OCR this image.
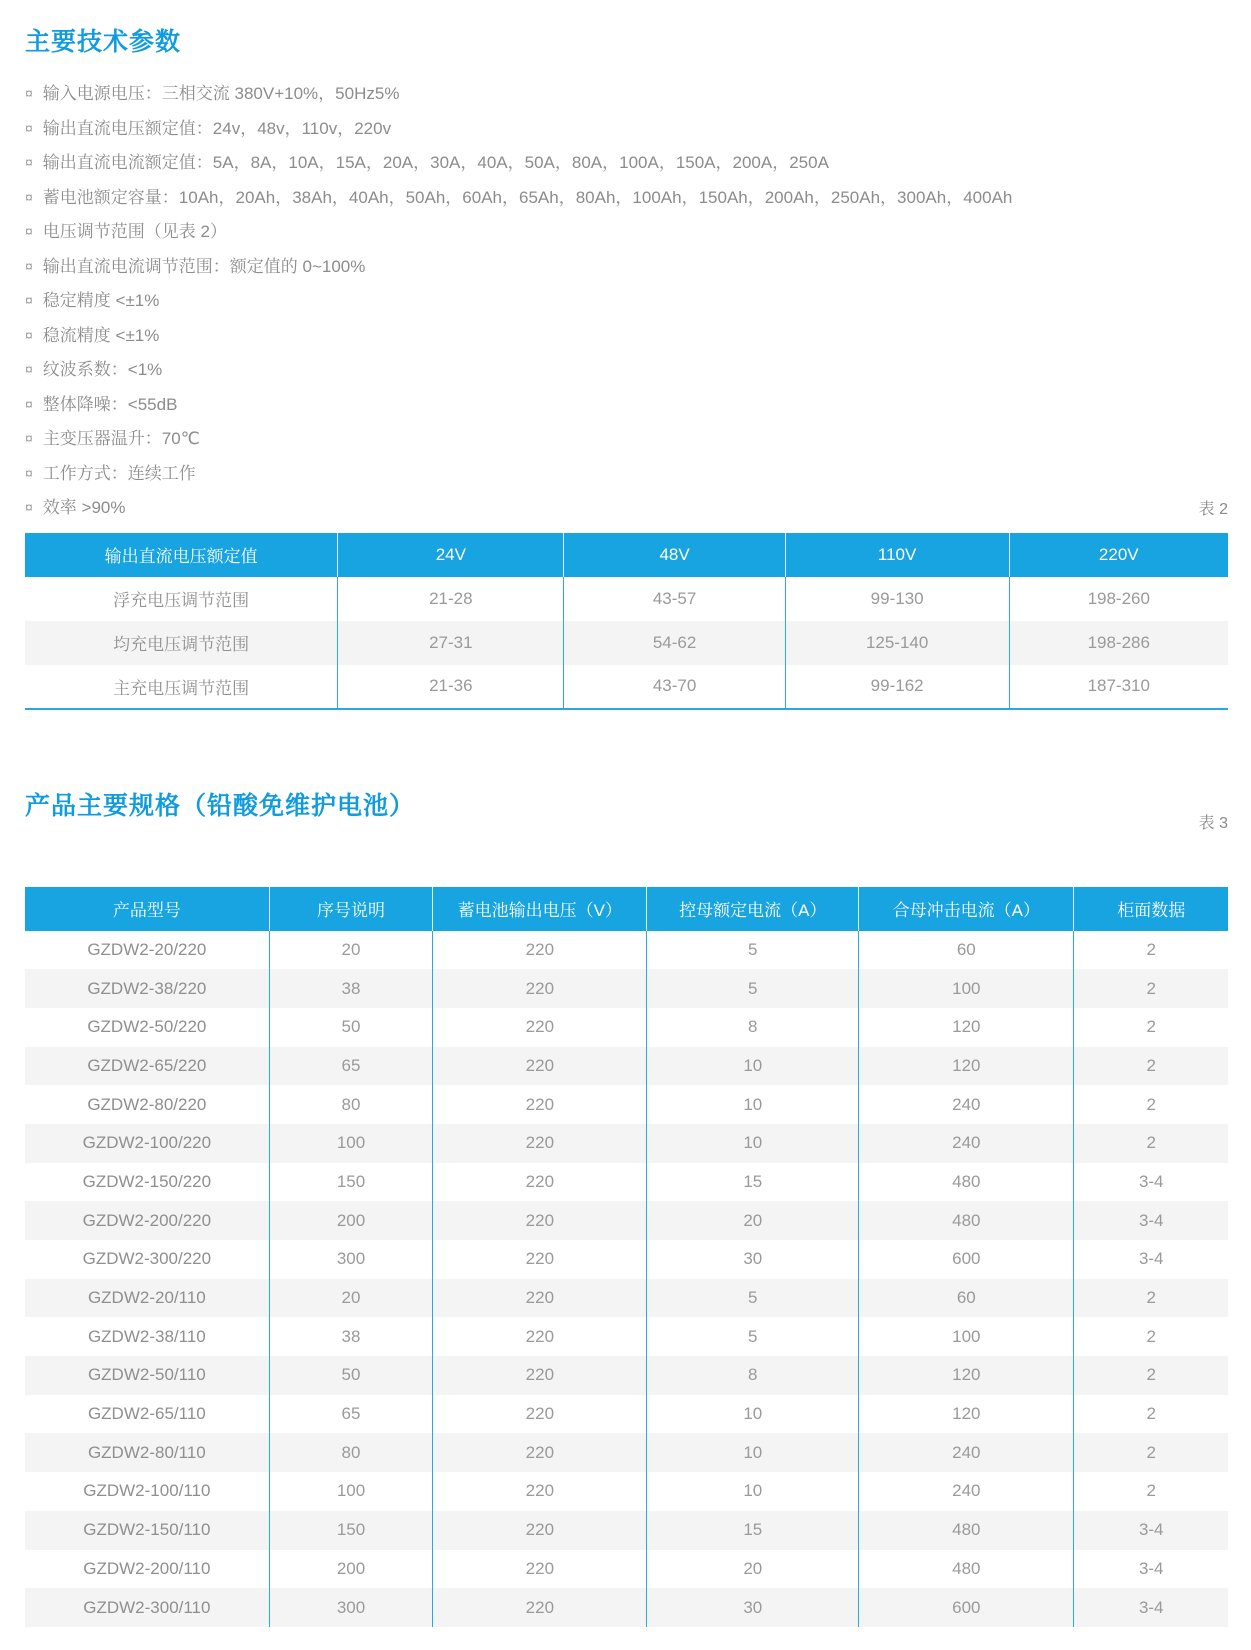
主要技术参数
¤ 输入电源电压：三相交流 380V+10%，50Hz5%
¤ 输出直流电压额定值：24v，48v，110v，220v
¤ 输出直流电流额定值：5A，8A，10A，15A，20A，30A，40A，50A，80A，100A，150A，200A，250A
¤ 蓄电池额定容量：10Ah，20Ah，38Ah，40Ah，50Ah，60Ah，65Ah，80Ah，100Ah，150Ah，200Ah，250Ah，300Ah，400Ah
¤ 电压调节范围（见表 2）
¤ 输出直流电流调节范围：额定值的 0~100%
¤ 稳定精度 <±1%
¤ 稳流精度 <±1%
¤ 纹波系数：<1%
¤ 整体降噪：<55dB
¤ 主变压器温升：70℃
¤ 工作方式：连续工作
¤ 效率 >90%	表 2
输出直流电压额定值	24V	48V	110V	220V
浮充电压调节范围	21-28	43-57	99-130	198-260
均充电压调节范围	27-31	54-62	125-140	198-286
主充电压调节范围	21-36	43-70	99-162	187-310
产品主要规格（铅酸免维护电池）
表 3
产品型号	序号说明	蓄电池输出电压（V）	控母额定电流（A）	合母冲击电流（A）	柜面数据
GZDW2-20/220	20	220	5	60	2
GZDW2-38/220	38	220	5	100	2
GZDW2-50/220	50	220	8	120	2
GZDW2-65/220	65	220	10	120	2
GZDW2-80/220	80	220	10	240	2
GZDW2-100/220	100	220	10	240	2
GZDW2-150/220	150	220	15	480	3-4
GZDW2-200/220	200	220	20	480	3-4
GZDW2-300/220	300	220	30	600	3-4
GZDW2-20/110	20	220	5	60	2
GZDW2-38/110	38	220	5	100	2
GZDW2-50/110	50	220	8	120	2
GZDW2-65/110	65	220	10	120	2
GZDW2-80/110	80	220	10	240	2
GZDW2-100/110	100	220	10	240	2
GZDW2-150/110	150	220	15	480	3-4
GZDW2-200/110	200	220	20	480	3-4
GZDW2-300/110	300	220	30	600	3-4
